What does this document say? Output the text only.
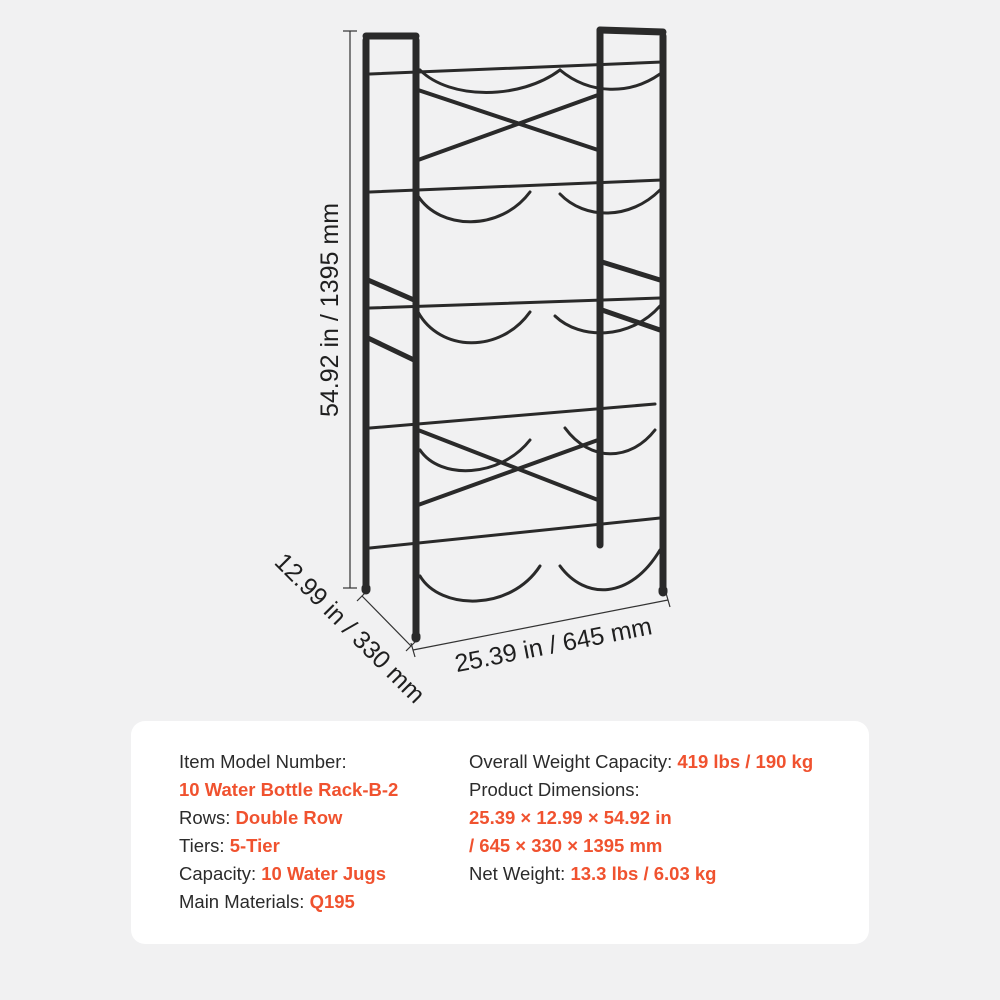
54.92 in / 1395 mm
12.99 in / 330 mm 25.39 in / 645 mm
Item Model Number:
10 Water Bottle Rack-B-2
Rows: Double Row
Tiers: 5-Tier
Capacity: 10 Water Jugs
Main Materials: Q195
Overall Weight Capacity: 419 lbs / 190 kg
Product Dimensions:
25.39 × 12.99 × 54.92 in
/ 645 × 330 × 1395 mm
Net Weight: 13.3 lbs / 6.03 kg
